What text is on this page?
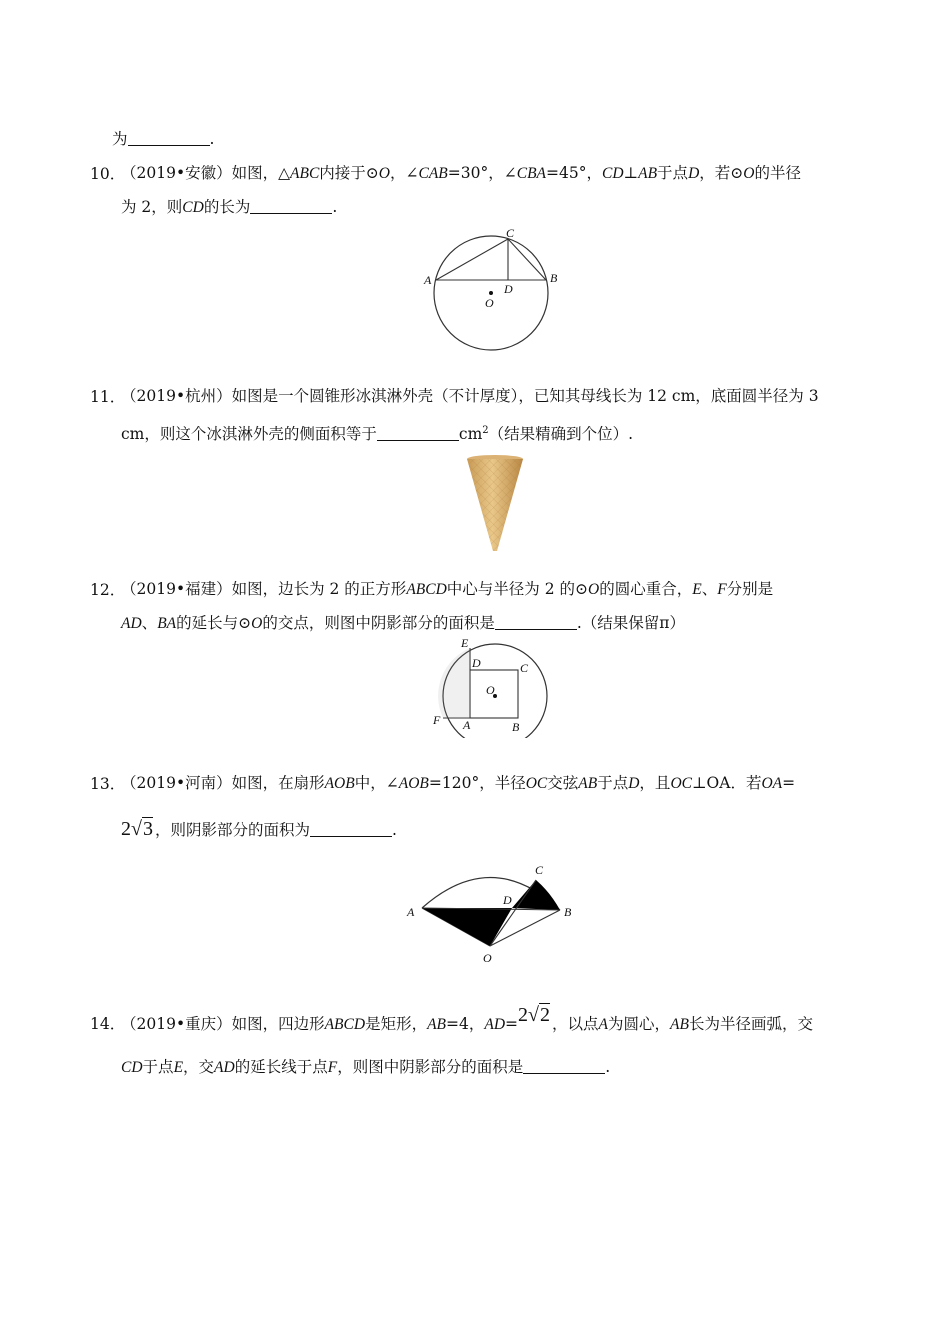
为	.
10．
（2019•安徽）如图，△ABC内接于⊙O，∠CAB=30°，∠CBA=45°，CD⊥AB于点D，若⊙O的半径
为 2，则CD的长为	.
A	B
C
D
O
11．
（2019•杭州）如图是一个圆锥形冰淇淋外壳（不计厚度），已知其母线长为 12 cm，底面圆半径为 3
cm，则这个冰淇淋外壳的侧面积等于	$cm^2$（结果精确到个位）.
12．
（2019•福建）如图，边长为 2 的正方形ABCD中心与半径为 2 的⊙O的圆心重合，E、F分别是
AD、BA的延长与⊙O的交点，则图中阴影部分的面积是	.（结果保留π）
E
D	C
O
F A	B
13．
（2019•河南）如图，在扇形AOB中，∠AOB=120°，半径OC交弦AB于点D，且OC⊥OA．若OA=
2√3 ，则阴影部分的面积为	.
A	B
C
D
O
14．
（2019•重庆）如图，四边形ABCD是矩形，AB=4，AD=2√2 ，以点A为圆心，AB长为半径画弧，交
CD于点E，交AD的延长线于点F，则图中阴影部分的面积是	.
